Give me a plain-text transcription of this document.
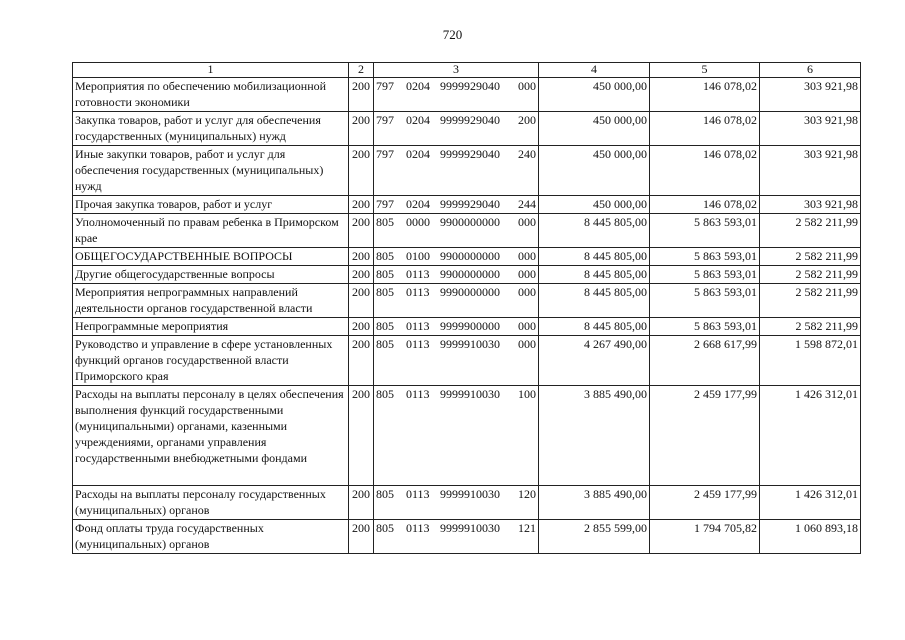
720
1	2	3	4	5	6
Мероприятия по обеспечению мобилизационной готовности экономики	200	797 0204 9999929040 000	450 000,00	146 078,02	303 921,98
Закупка товаров, работ и услуг для обеспечения государственных (муниципальных) нужд	200	797 0204 9999929040 200	450 000,00	146 078,02	303 921,98
Иные закупки товаров, работ и услуг для обеспечения государственных (муниципальных) нужд	200	797 0204 9999929040 240	450 000,00	146 078,02	303 921,98
Прочая закупка товаров, работ и услуг	200	797 0204 9999929040 244	450 000,00	146 078,02	303 921,98
Уполномоченный по правам ребенка в Приморском крае	200	805 0000 9900000000 000	8 445 805,00	5 863 593,01	2 582 211,99
ОБЩЕГОСУДАРСТВЕННЫЕ ВОПРОСЫ	200	805 0100 9900000000 000	8 445 805,00	5 863 593,01	2 582 211,99
Другие общегосударственные вопросы	200	805 0113 9900000000 000	8 445 805,00	5 863 593,01	2 582 211,99
Мероприятия непрограммных направлений деятельности органов государственной власти	200	805 0113 9990000000 000	8 445 805,00	5 863 593,01	2 582 211,99
Непрограммные мероприятия	200	805 0113 9999900000 000	8 445 805,00	5 863 593,01	2 582 211,99
Руководство и управление в сфере установленных функций органов государственной власти Приморского края	200	805 0113 9999910030 000	4 267 490,00	2 668 617,99	1 598 872,01
Расходы на выплаты персоналу в целях обеспечения выполнения функций государственными (муниципальными) органами, казенными учреждениями, органами управления государственными внебюджетными фондами	200	805 0113 9999910030 100	3 885 490,00	2 459 177,99	1 426 312,01
Расходы на выплаты персоналу государственных (муниципальных) органов	200	805 0113 9999910030 120	3 885 490,00	2 459 177,99	1 426 312,01
Фонд оплаты труда государственных (муниципальных) органов	200	805 0113 9999910030 121	2 855 599,00	1 794 705,82	1 060 893,18
